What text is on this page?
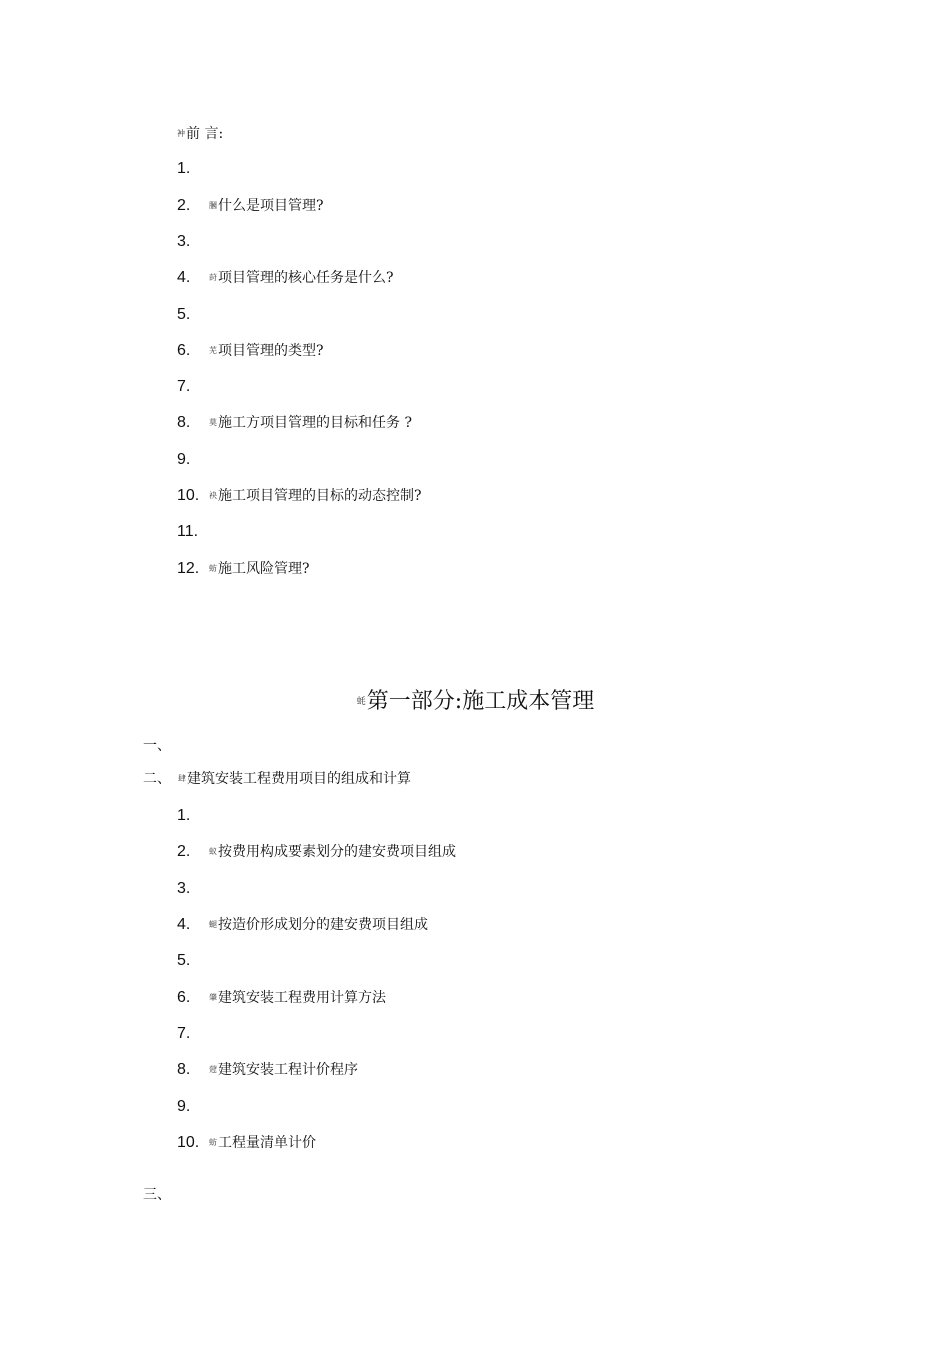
衶前 言:
1.
2. 膕什么是项目管理?
3.
4. 莳项目管理的核心任务是什么?
5.
6. 芜项目管理的类型?
7.
8. 莫施工方项目管理的目标和任务 ?
9.
10. 袂施工项目管理的目标的动态控制?
11.
12. 蚄施工风险管理?
蚝第一部分:施工成本管理
一、
二、 肆建筑安装工程费用项目的组成和计算
1.
2. 蚁按费用构成要素划分的建安费项目组成
3.
4. 螁按造价形成划分的建安费项目组成
5.
6. 肇建筑安装工程费用计算方法
7.
8. 蒄建筑安装工程计价程序
9.
10. 蚄工程量清单计价
三、
